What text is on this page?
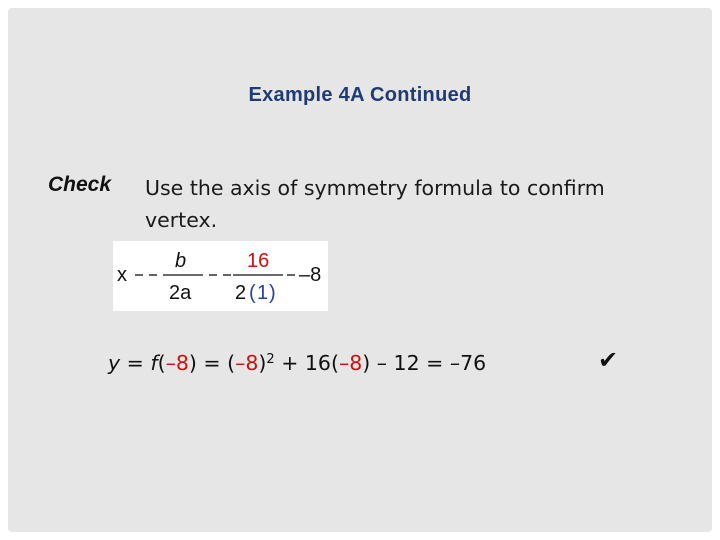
Example 4A Continued
Check Use the axis of symmetry formula to confirm vertex.
x
b
2a
16
2 ( 1 )
–8
$y = f(-8) = (-8)^2 + 16(-8) - 12 = -76$	✔
